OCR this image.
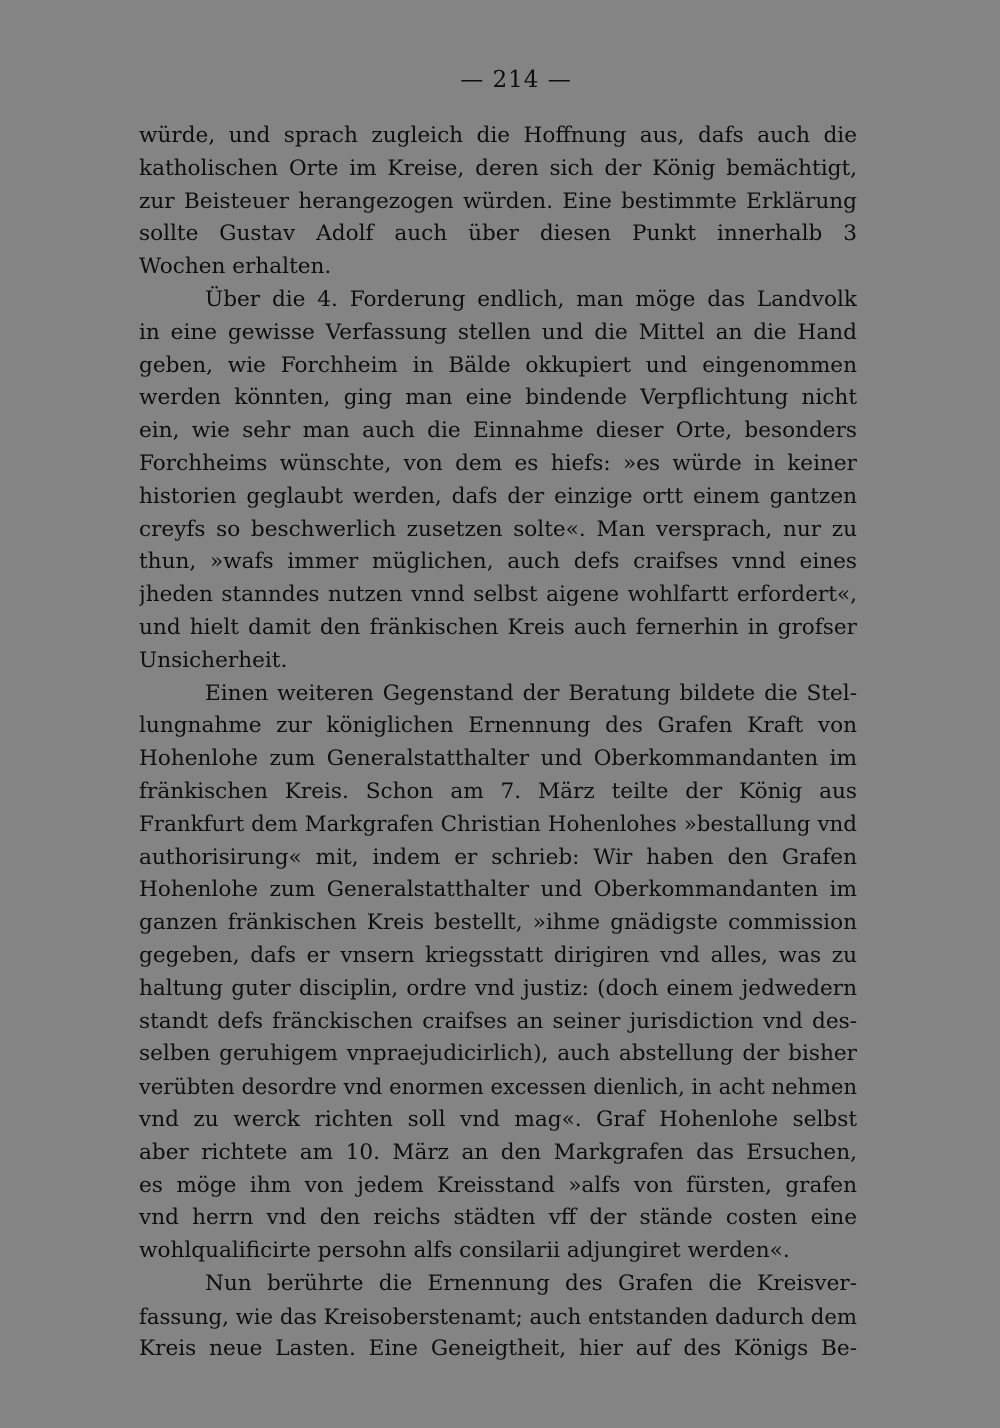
— 214 —
würde, und sprach zugleich die Hoffnung aus, dafs auch die
katholischen Orte im Kreise, deren sich der König bemächtigt,
zur Beisteuer herangezogen würden. Eine bestimmte Erklärung
sollte Gustav Adolf auch über diesen Punkt innerhalb 3
Wochen erhalten.
Über die 4. Forderung endlich, man möge das Landvolk
in eine gewisse Verfassung stellen und die Mittel an die Hand
geben, wie Forchheim in Bälde okkupiert und eingenommen
werden könnten, ging man eine bindende Verpflichtung nicht
ein, wie sehr man auch die Einnahme dieser Orte, besonders
Forchheims wünschte, von dem es hiefs: »es würde in keiner
historien geglaubt werden, dafs der einzige ortt einem gantzen
creyfs so beschwerlich zusetzen solte«. Man versprach, nur zu
thun, »wafs immer müglichen, auch defs craifses vnnd eines
jheden stanndes nutzen vnnd selbst aigene wohlfartt erfordert«,
und hielt damit den fränkischen Kreis auch fernerhin in grofser
Unsicherheit.
Einen weiteren Gegenstand der Beratung bildete die Stel-
lungnahme zur königlichen Ernennung des Grafen Kraft von
Hohenlohe zum Generalstatthalter und Oberkommandanten im
fränkischen Kreis. Schon am 7. März teilte der König aus
Frankfurt dem Markgrafen Christian Hohenlohes »bestallung vnd
authorisirung« mit, indem er schrieb: Wir haben den Grafen
Hohenlohe zum Generalstatthalter und Oberkommandanten im
ganzen fränkischen Kreis bestellt, »ihme gnädigste commission
gegeben, dafs er vnsern kriegsstatt dirigiren vnd alles, was zu
haltung guter disciplin, ordre vnd justiz: (doch einem jedwedern
standt defs fränckischen craifses an seiner jurisdiction vnd des-
selben geruhigem vnpraejudicirlich), auch abstellung der bisher
verübten desordre vnd enormen excessen dienlich, in acht nehmen
vnd zu werck richten soll vnd mag«. Graf Hohenlohe selbst
aber richtete am 10. März an den Markgrafen das Ersuchen,
es möge ihm von jedem Kreisstand »alfs von fürsten, grafen
vnd herrn vnd den reichs städten vff der stände costen eine
wohlqualificirte persohn alfs consilarii adjungiret werden«.
Nun berührte die Ernennung des Grafen die Kreisver-
fassung, wie das Kreisoberstenamt; auch entstanden dadurch dem
Kreis neue Lasten. Eine Geneigtheit, hier auf des Königs Be-
